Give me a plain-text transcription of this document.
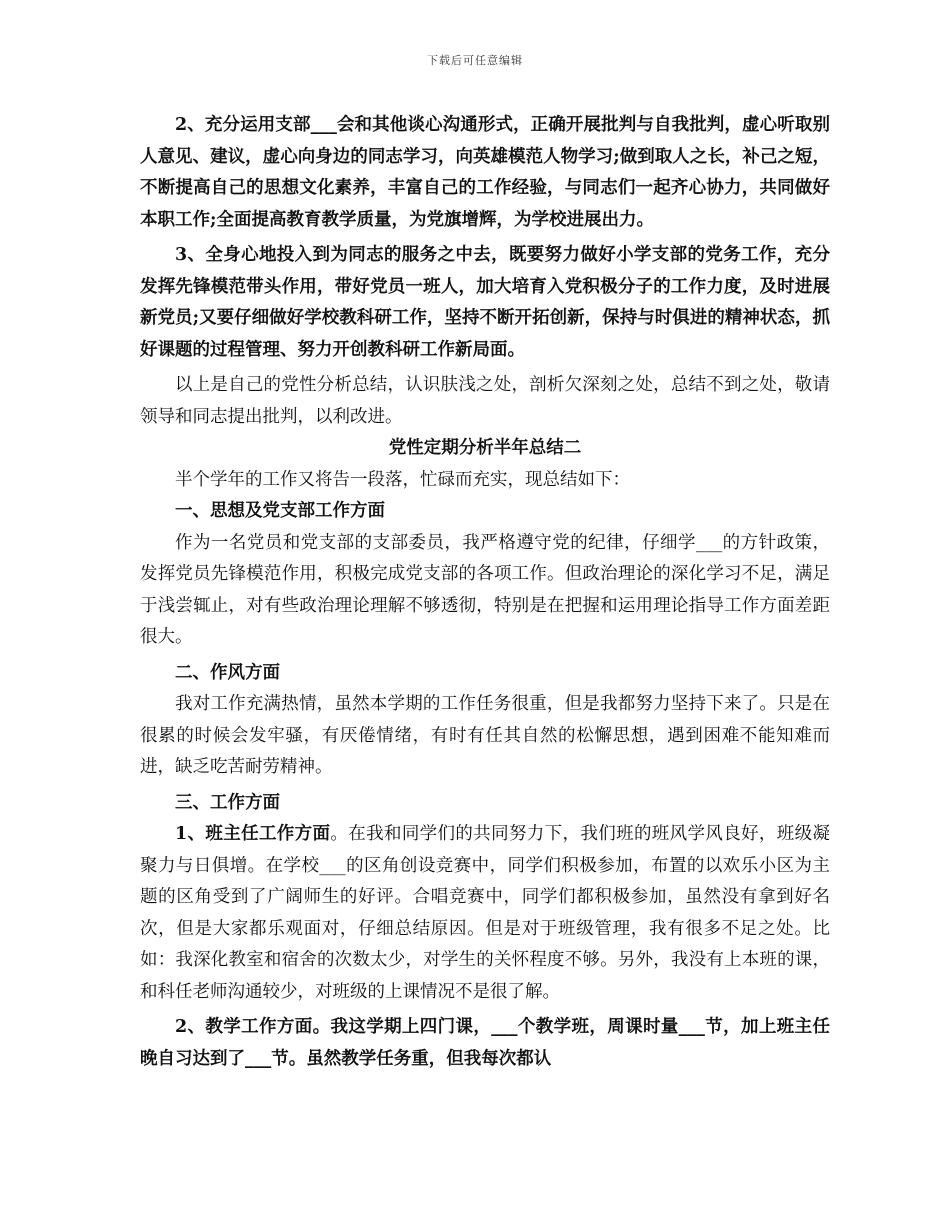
下载后可任意编辑

2、充分运用支部___会和其他谈心沟通形式，正确开展批判与自我批判，虚心听取别人意见、建议，虚心向身边的同志学习，向英雄模范人物学习;做到取人之长，补己之短，不断提高自己的思想文化素养，丰富自己的工作经验，与同志们一起齐心协力，共同做好本职工作;全面提高教育教学质量，为党旗增辉，为学校进展出力。

3、全身心地投入到为同志的服务之中去，既要努力做好小学支部的党务工作，充分发挥先锋模范带头作用，带好党员一班人，加大培育入党积极分子的工作力度，及时进展新党员;又要仔细做好学校教科研工作，坚持不断开拓创新，保持与时俱进的精神状态，抓好课题的过程管理、努力开创教科研工作新局面。

以上是自己的党性分析总结，认识肤浅之处，剖析欠深刻之处，总结不到之处，敬请领导和同志提出批判，以利改进。

党性定期分析半年总结二

半个学年的工作又将告一段落，忙碌而充实，现总结如下：

一、思想及党支部工作方面

作为一名党员和党支部的支部委员，我严格遵守党的纪律，仔细学___的方针政策，发挥党员先锋模范作用，积极完成党支部的各项工作。但政治理论的深化学习不足，满足于浅尝辄止，对有些政治理论理解不够透彻，特别是在把握和运用理论指导工作方面差距很大。

二、作风方面

我对工作充满热情，虽然本学期的工作任务很重，但是我都努力坚持下来了。只是在很累的时候会发牢骚，有厌倦情绪，有时有任其自然的松懈思想，遇到困难不能知难而进，缺乏吃苦耐劳精神。

三、工作方面

1、班主任工作方面。在我和同学们的共同努力下，我们班的班风学风良好，班级凝聚力与日俱增。在学校___的区角创设竞赛中，同学们积极参加，布置的以欢乐小区为主题的区角受到了广阔师生的好评。合唱竞赛中，同学们都积极参加，虽然没有拿到好名次，但是大家都乐观面对，仔细总结原因。但是对于班级管理，我有很多不足之处。比如：我深化教室和宿舍的次数太少，对学生的关怀程度不够。另外，我没有上本班的课，和科任老师沟通较少，对班级的上课情况不是很了解。

2、教学工作方面。我这学期上四门课，___个教学班，周课时量___节，加上班主任晚自习达到了___节。虽然教学任务重，但我每次都认
